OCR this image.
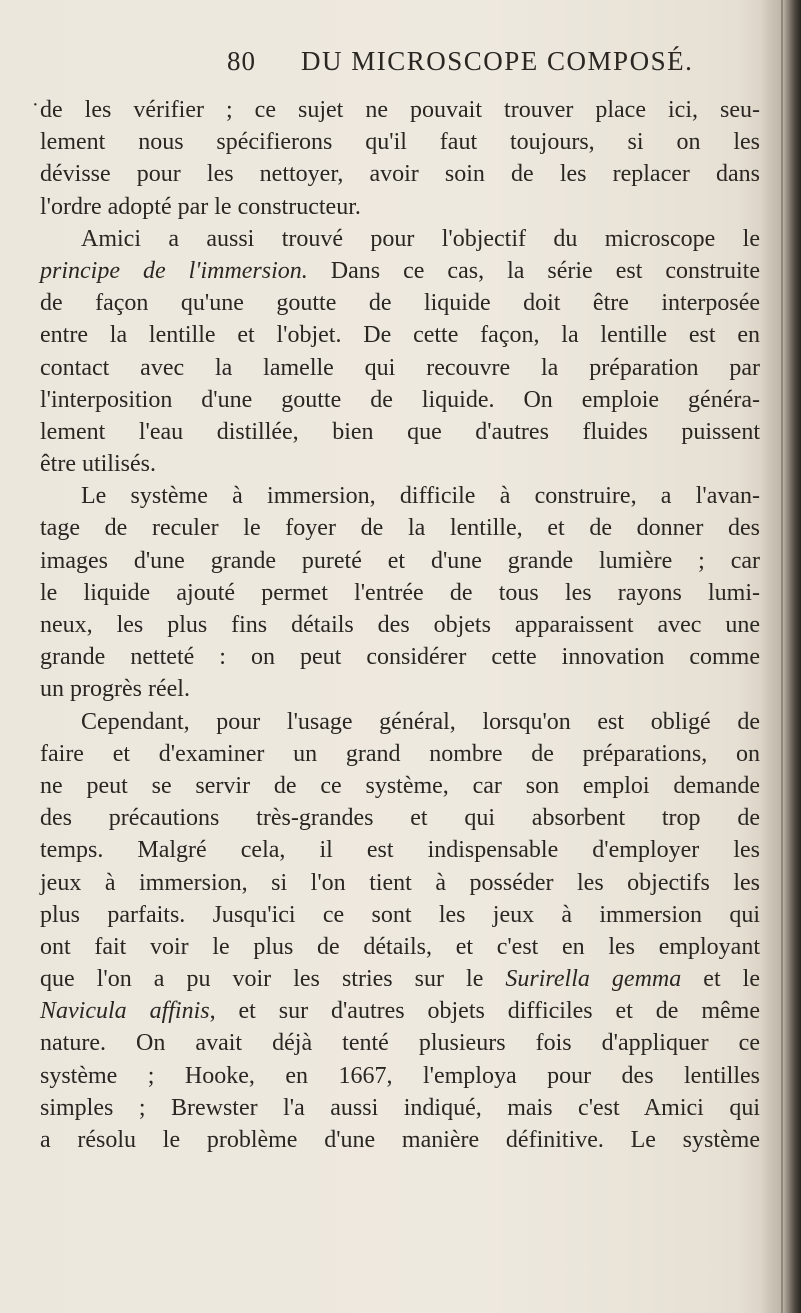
80 DU MICROSCOPE COMPOSÉ.
· de les vérifier ; ce sujet ne pouvait trouver place ici, seu-
lement nous spécifierons qu'il faut toujours, si on les
dévisse pour les nettoyer, avoir soin de les replacer dans
l'ordre adopté par le constructeur.
Amici a aussi trouvé pour l'objectif du microscope le
principe de l'immersion. Dans ce cas, la série est construite
de façon qu'une goutte de liquide doit être interposée
entre la lentille et l'objet. De cette façon, la lentille est en
contact avec la lamelle qui recouvre la préparation par
l'interposition d'une goutte de liquide. On emploie généra-
lement l'eau distillée, bien que d'autres fluides puissent
être utilisés.
Le système à immersion, difficile à construire, a l'avan-
tage de reculer le foyer de la lentille, et de donner des
images d'une grande pureté et d'une grande lumière ; car
le liquide ajouté permet l'entrée de tous les rayons lumi-
neux, les plus fins détails des objets apparaissent avec une
grande netteté : on peut considérer cette innovation comme
un progrès réel.
Cependant, pour l'usage général, lorsqu'on est obligé de
faire et d'examiner un grand nombre de préparations, on
ne peut se servir de ce système, car son emploi demande
des précautions très-grandes et qui absorbent trop de
temps. Malgré cela, il est indispensable d'employer les
jeux à immersion, si l'on tient à posséder les objectifs les
plus parfaits. Jusqu'ici ce sont les jeux à immersion qui
ont fait voir le plus de détails, et c'est en les employant
que l'on a pu voir les stries sur le Surirella gemma et le
Navicula affinis, et sur d'autres objets difficiles et de même
nature. On avait déjà tenté plusieurs fois d'appliquer ce
système ; Hooke, en 1667, l'employa pour des lentilles
simples ; Brewster l'a aussi indiqué, mais c'est Amici qui
a résolu le problème d'une manière définitive. Le système
